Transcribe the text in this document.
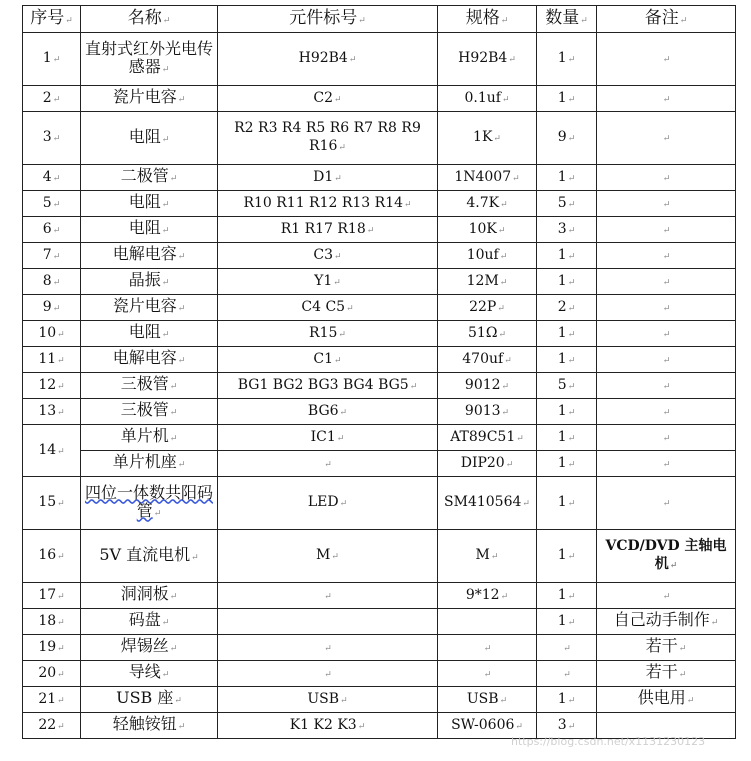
序号↵	名称↵	元件标号↵	规格↵	数量↵	备注↵
1↵	直射式红外光电传感器↵	H92B4↵	H92B4↵	1↵	↵
2↵	瓷片电容↵	C2↵	0.1uf↵	1↵	↵
3↵	电阻↵	R2 R3 R4 R5 R6 R7 R8 R9 R16↵	1K↵	9↵	↵
4↵	二极管↵	D1↵	1N4007↵	1↵	↵
5↵	电阻↵	R10 R11 R12 R13 R14↵	4.7K↵	5↵	↵
6↵	电阻↵	R1 R17 R18↵	10K↵	3↵	↵
7↵	电解电容↵	C3↵	10uf↵	1↵	↵
8↵	晶振↵	Y1↵	12M↵	1↵	↵
9↵	瓷片电容↵	C4 C5↵	22P↵	2↵	↵
10↵	电阻↵	R15↵	51Ω↵	1↵	↵
11↵	电解电容↵	C1↵	470uf↵	1↵	↵
12↵	三极管↵	BG1 BG2 BG3 BG4 BG5↵	9012↵	5↵	↵
13↵	三极管↵	BG6↵	9013↵	1↵	↵
14↵	单片机↵	IC1↵	AT89C51↵	1↵	↵
	单片机座↵	↵	DIP20↵	1↵	↵
15↵	四位一体数共阳码管↵	LED↵	SM410564↵	1↵	↵
16↵	5V 直流电机↵	M↵	M↵	1↵	VCD/DVD 主轴电机↵
17↵	洞洞板↵	↵	9*12↵	1↵	↵
18↵	码盘↵			1↵	自己动手制作↵
19↵	焊锡丝↵	↵	↵	↵	若干↵
20↵	导线↵	↵	↵	↵	若干↵
21↵	USB 座↵	USB↵	USB↵	1↵	供电用↵
22↵	轻触铵钮↵	K1 K2 K3↵	SW-0606↵	3↵	
https://blog.csdn.net/x1131230123
